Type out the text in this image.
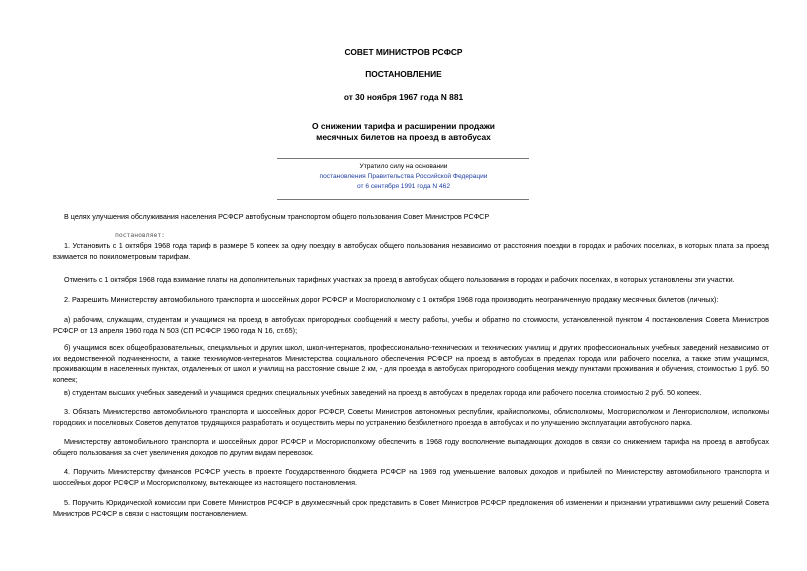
СОВЕТ МИНИСТРОВ РСФСР
ПОСТАНОВЛЕНИЕ
от 30 ноября 1967 года N 881
О снижении тарифа и расширении продажи
месячных билетов на проезд в автобусах
Утратило силу на основании
постановления Правительства Российской Федерации
от 6 сентября 1991 года N 462

В целях улучшения обслуживания населения РСФСР автобусным транспортом общего пользования Совет Министров РСФСР

постановляет:

1. Установить с 1 октября 1968 года тариф в размере 5 копеек за одну поездку в автобусах общего пользования независимо от расстояния поездки в городах и рабочих поселках, в которых плата за проезд взимается по покилометровым тарифам.

Отменить с 1 октября 1968 года взимание платы на дополнительных тарифных участках за проезд в автобусах общего пользования в городах и рабочих поселках, в которых установлены эти участки.

2. Разрешить Министерству автомобильного транспорта и шоссейных дорог РСФСР и Мосгорисполкому с 1 октября 1968 года производить неограниченную продажу месячных билетов (личных):

а) рабочим, служащим, студентам и учащимся на проезд в автобусах пригородных сообщений к месту работы, учебы и обратно по стоимости, установленной пунктом 4 постановления Совета Министров РСФСР от 13 апреля 1960 года N 503 (СП РСФСР 1960 года N 16, ст.65);

б) учащимся всех общеобразовательных, специальных и других школ, школ-интернатов, профессионально-технических и технических училищ и других профессиональных учебных заведений независимо от их ведомственной подчиненности, а также техникумов-интернатов Министерства социального обеспечения РСФСР на проезд в автобусах в пределах города или рабочего поселка, а также этим учащимся, проживающим в населенных пунктах, отдаленных от школ и училищ на расстояние свыше 2 км, - для проезда в автобусах пригородного сообщения между пунктами проживания и обучения, стоимостью 1 руб. 50 копеек;

в) студентам высших учебных заведений и учащимся средних специальных учебных заведений на проезд в автобусах в пределах города или рабочего поселка стоимостью 2 руб. 50 копеек.

3. Обязать Министерство автомобильного транспорта и шоссейных дорог РСФСР, Советы Министров автономных республик, крайисполкомы, облисполкомы, Мосгорисполком и Ленгорисполком, исполкомы городских и поселковых Советов депутатов трудящихся разработать и осуществить меры по устранению безбилетного проезда в автобусах и по улучшению эксплуатации автобусного парка.

Министерству автомобильного транспорта и шоссейных дорог РСФСР и Мосгорисполкому обеспечить в 1968 году восполнение выпадающих доходов в связи со снижением тарифа на проезд в автобусах общего пользования за счет увеличения доходов по другим видам перевозок.

4. Поручить Министерству финансов РСФСР учесть в проекте Государственного бюджета РСФСР на 1969 год уменьшение валовых доходов и прибылей по Министерству автомобильного транспорта и шоссейных дорог РСФСР и Мосгорисполкому, вытекающее из настоящего постановления.

5. Поручить Юридической комиссии при Совете Министров РСФСР в двухмесячный срок представить в Совет Министров РСФСР предложения об изменении и признании утратившими силу решений Совета Министров РСФСР в связи с настоящим постановлением.
